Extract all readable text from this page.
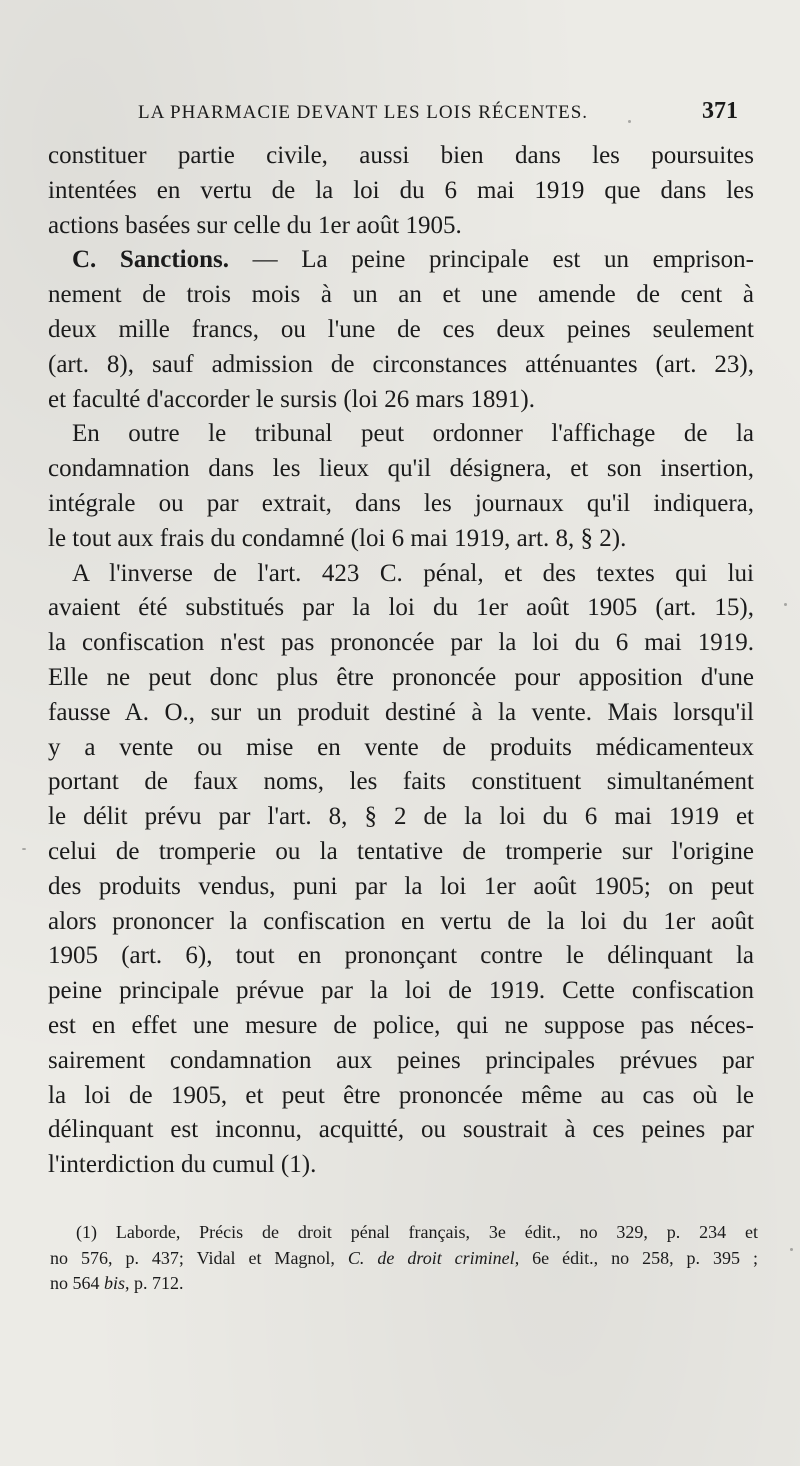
LA PHARMACIE DEVANT LES LOIS RÉCENTES.	371
constituer partie civile, aussi bien dans les poursuites
intentées en vertu de la loi du 6 mai 1919 que dans les
actions basées sur celle du 1er août 1905.
C. Sanctions. — La peine principale est un emprison-
nement de trois mois à un an et une amende de cent à
deux mille francs, ou l'une de ces deux peines seulement
(art. 8), sauf admission de circonstances atténuantes (art. 23),
et faculté d'accorder le sursis (loi 26 mars 1891).
En outre le tribunal peut ordonner l'affichage de la
condamnation dans les lieux qu'il désignera, et son insertion,
intégrale ou par extrait, dans les journaux qu'il indiquera,
le tout aux frais du condamné (loi 6 mai 1919, art. 8, § 2).
A l'inverse de l'art. 423 C. pénal, et des textes qui lui
avaient été substitués par la loi du 1er août 1905 (art. 15),
la confiscation n'est pas prononcée par la loi du 6 mai 1919.
Elle ne peut donc plus être prononcée pour apposition d'une
fausse A. O., sur un produit destiné à la vente. Mais lorsqu'il
y a vente ou mise en vente de produits médicamenteux
portant de faux noms, les faits constituent simultanément
le délit prévu par l'art. 8, § 2 de la loi du 6 mai 1919 et
celui de tromperie ou la tentative de tromperie sur l'origine
des produits vendus, puni par la loi 1er août 1905; on peut
alors prononcer la confiscation en vertu de la loi du 1er août
1905 (art. 6), tout en prononçant contre le délinquant la
peine principale prévue par la loi de 1919. Cette confiscation
est en effet une mesure de police, qui ne suppose pas néces-
sairement condamnation aux peines principales prévues par
la loi de 1905, et peut être prononcée même au cas où le
délinquant est inconnu, acquitté, ou soustrait à ces peines par
l'interdiction du cumul (1).
(1) Laborde, Précis de droit pénal français, 3e édit., no 329, p. 234 et
no 576, p. 437; Vidal et Magnol, C. de droit criminel, 6e édit., no 258, p. 395 ;
no 564 bis, p. 712.
